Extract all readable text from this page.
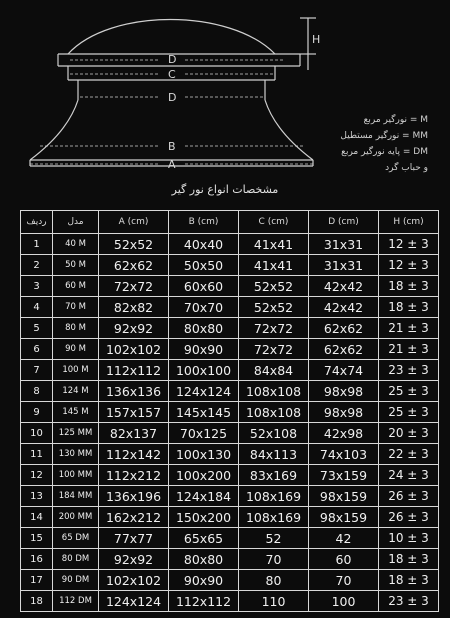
H
D
C
D
B
A
M = نورگیر مربع
MM = نورگیر مستطیل
DM = پایه نورگیر مربع
و حباب گرد
مشخصات انواع نور گیر
ردیف	مدل	A (cm)	B (cm)	C (cm)	D (cm)	H (cm)
1	40 M	52x52	40x40	41x41	31x31	12 ± 3
2	50 M	62x62	50x50	41x41	31x31	12 ± 3
3	60 M	72x72	60x60	52x52	42x42	18 ± 3
4	70 M	82x82	70x70	52x52	42x42	18 ± 3
5	80 M	92x92	80x80	72x72	62x62	21 ± 3
6	90 M	102x102	90x90	72x72	62x62	21 ± 3
7	100 M	112x112	100x100	84x84	74x74	23 ± 3
8	124 M	136x136	124x124	108x108	98x98	25 ± 3
9	145 M	157x157	145x145	108x108	98x98	25 ± 3
10	125 MM	82x137	70x125	52x108	42x98	20 ± 3
11	130 MM	112x142	100x130	84x113	74x103	22 ± 3
12	100 MM	112x212	100x200	83x169	73x159	24 ± 3
13	184 MM	136x196	124x184	108x169	98x159	26 ± 3
14	200 MM	162x212	150x200	108x169	98x159	26 ± 3
15	65 DM	77x77	65x65	52	42	10 ± 3
16	80 DM	92x92	80x80	70	60	18 ± 3
17	90 DM	102x102	90x90	80	70	18 ± 3
18	112 DM	124x124	112x112	110	100	23 ± 3
